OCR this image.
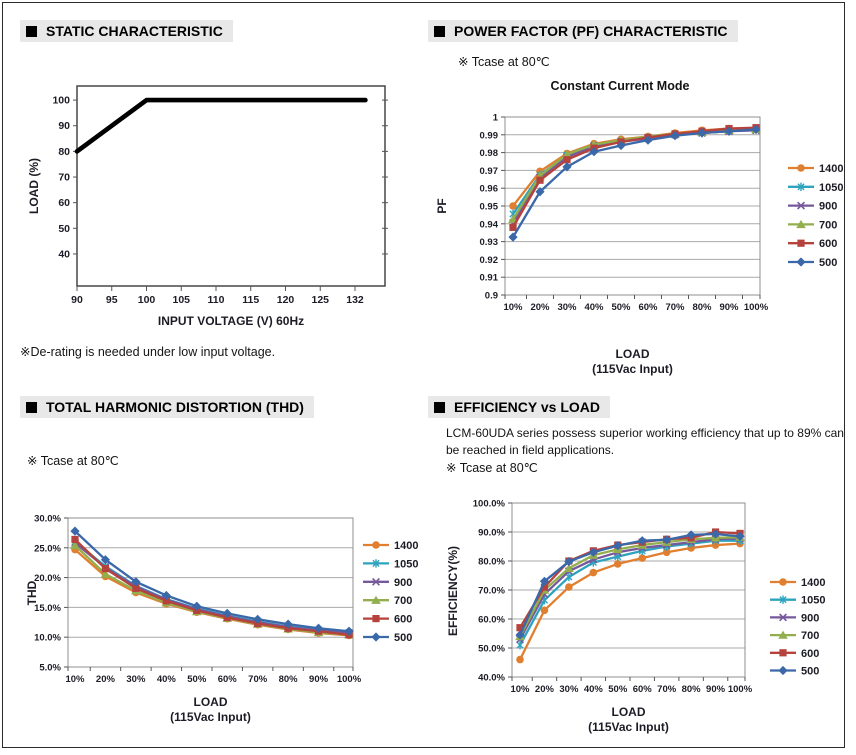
STATIC CHARACTERISTIC	POWER FACTOR (PF) CHARACTERISTIC
TOTAL HARMONIC DISTORTION (THD)	EFFICIENCY vs LOAD
※ Tcase at 80℃
Constant Current Mode
※De-rating is needed under low input voltage.
※ Tcase at 80℃
LCM-60UDA series possess superior working efficiency that up to 89% can
be reached in field applications.
※ Tcase at 80℃
100
90
80
70
60
50
40
90 95 100 105 110 115 120 125 132
LOAD (%)
INPUT VOLTAGE (V) 60Hz
1
0.99
0.98
0.97
0.96
0.95
0.94
0.93
0.92
0.91
0.9
10% 20% 30% 40% 50% 60% 70% 80% 90% 100%
1400
1050
900
700
600
500
PF
LOAD
(115Vac Input)
30.0%
25.0%
20.0%
15.0%
10.0%
5.0%
10% 20% 30% 40% 50% 60% 70% 80% 90% 100%
1400
1050
900
700
600
500
THD
LOAD
(115Vac Input)
100.0%
90.0%
80.0%
70.0%
60.0%
50.0%
40.0%
10% 20% 30% 40% 50% 60% 70% 80% 90% 100%
1400
1050
900
700
600
500
EFFICIENCY(%)
LOAD
(115Vac Input)
